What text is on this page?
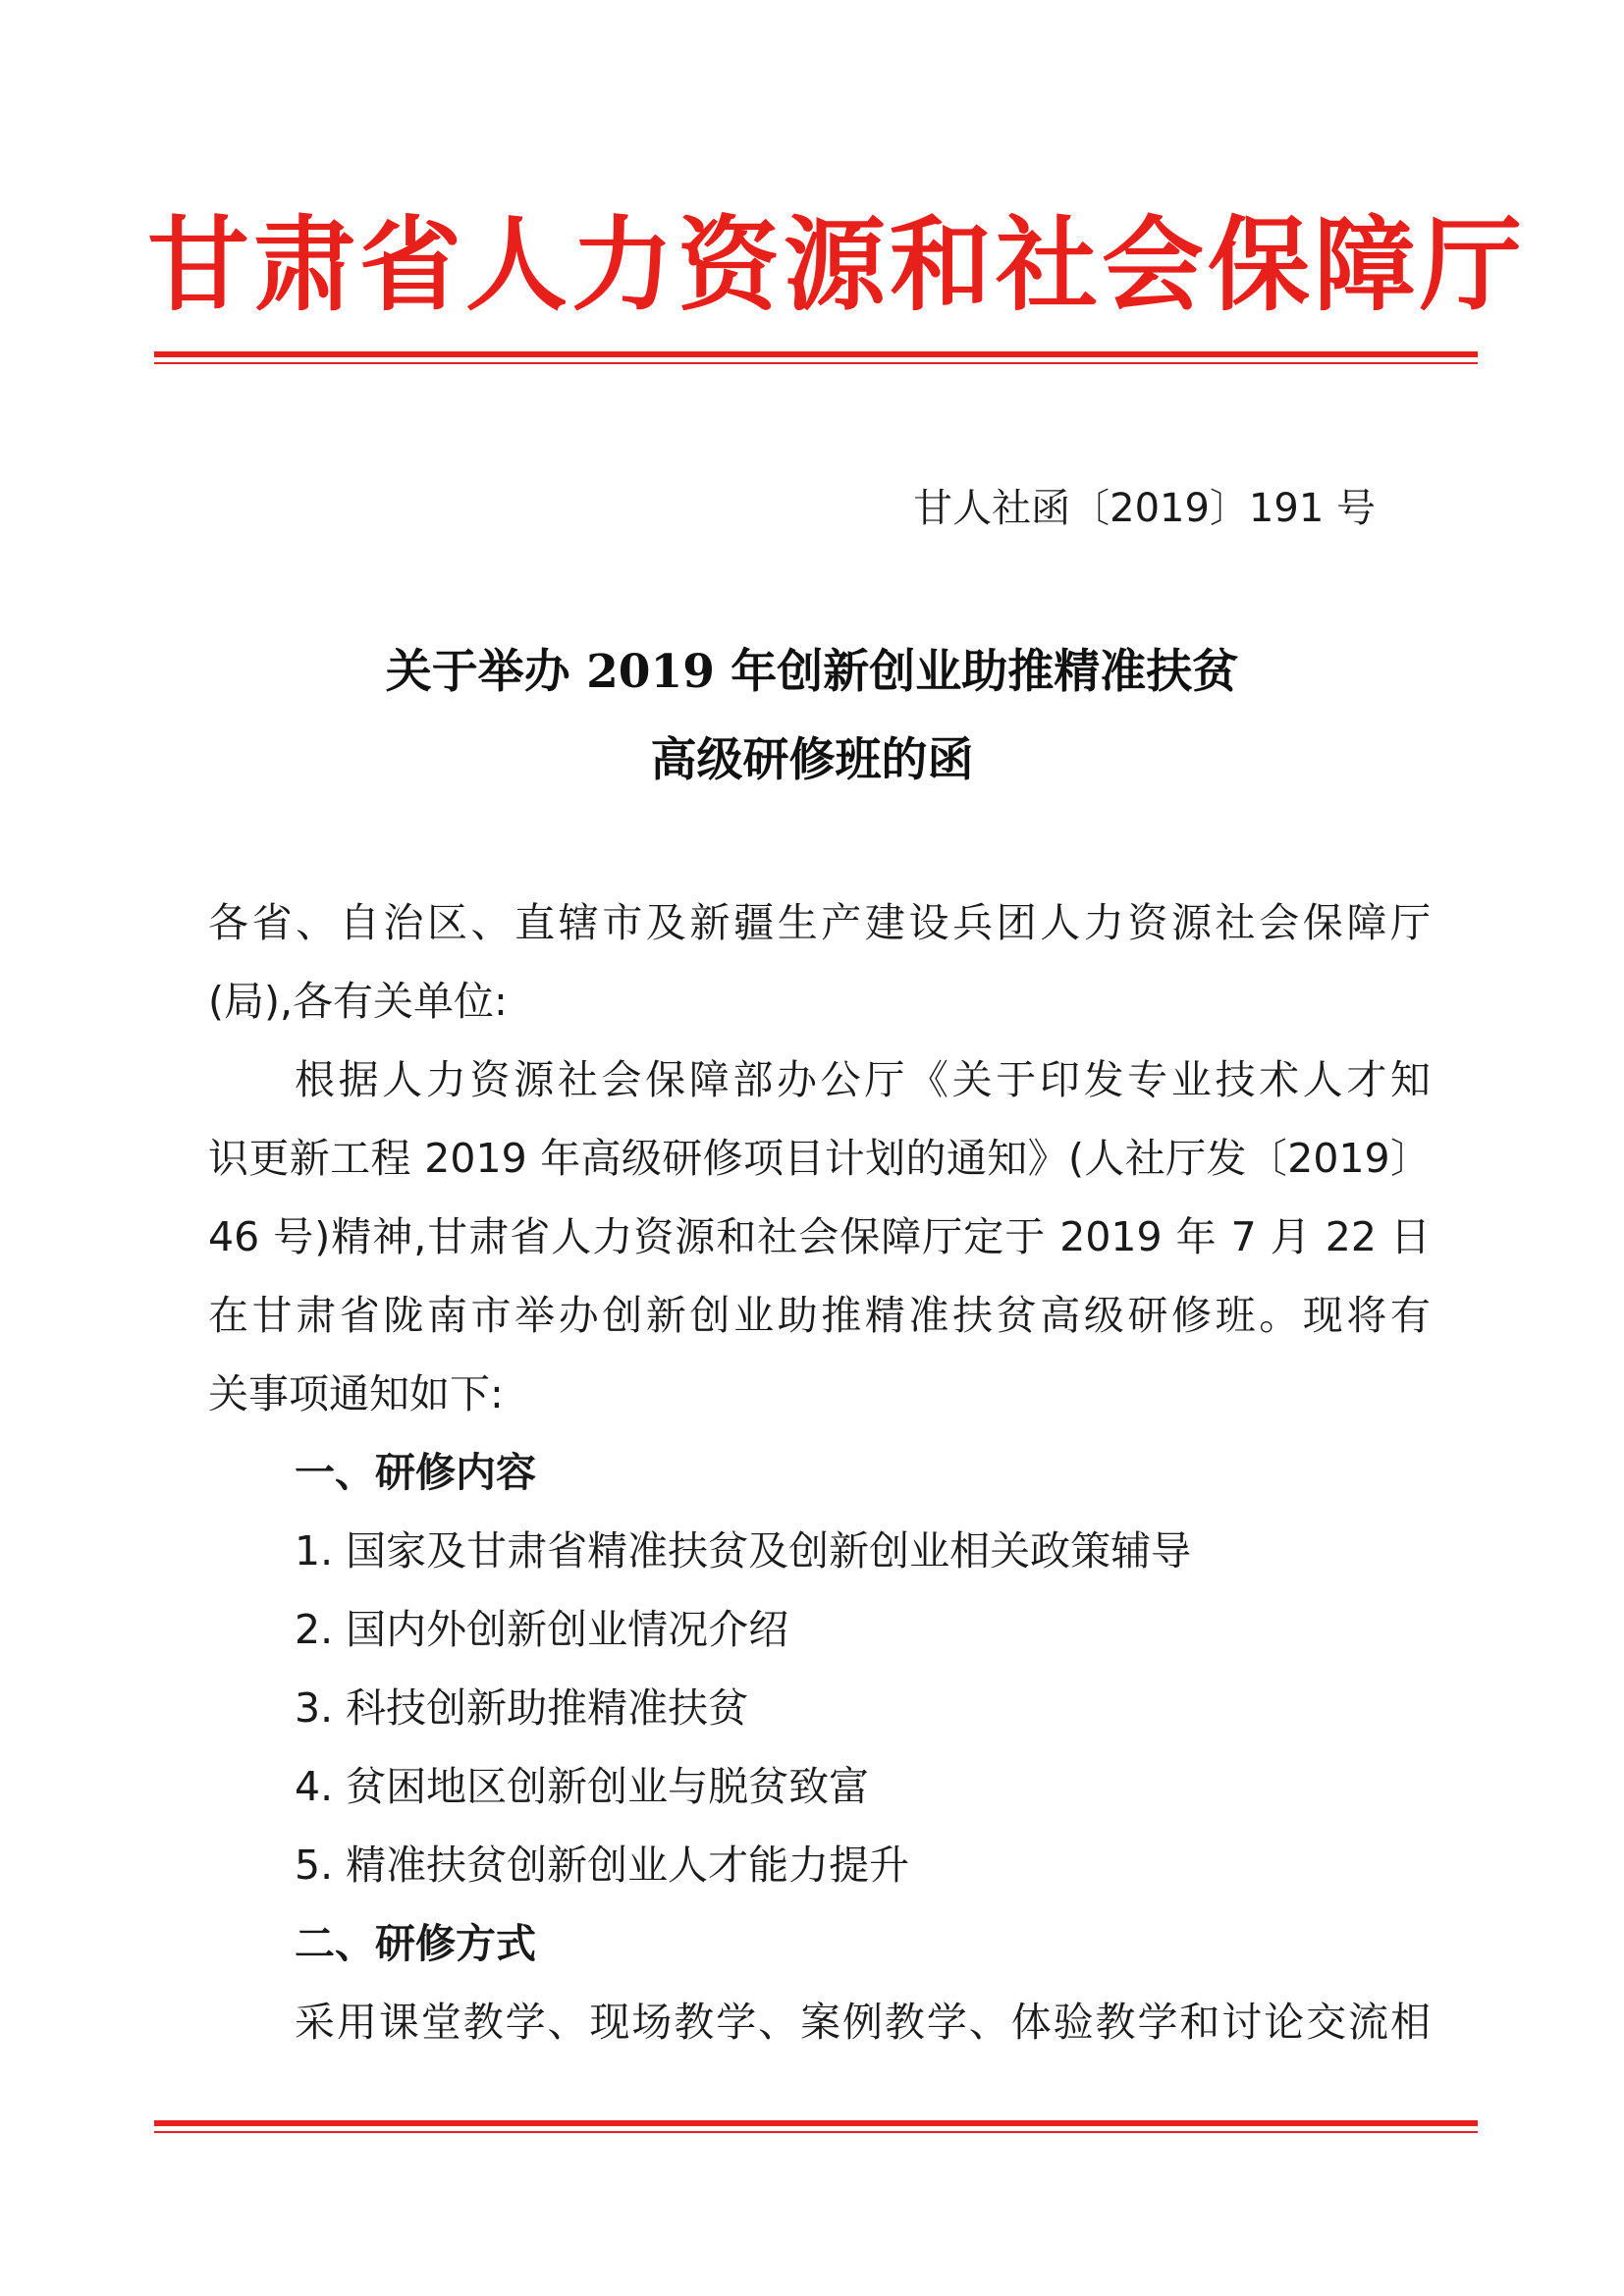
甘肃省人力资源和社会保障厅
甘人社函〔2019〕191 号
关于举办 2019 年创新创业助推精准扶贫
高级研修班的函
各省、自治区、直辖市及新疆生产建设兵团人力资源社会保障厅
(局),各有关单位:
根据人力资源社会保障部办公厅《关于印发专业技术人才知
识更新工程 2019 年高级研修项目计划的通知》(人社厅发〔2019〕
46 号)精神,甘肃省人力资源和社会保障厅定于 2019 年 7 月 22 日
在甘肃省陇南市举办创新创业助推精准扶贫高级研修班。现将有
关事项通知如下:
一、研修内容
1. 国家及甘肃省精准扶贫及创新创业相关政策辅导
2. 国内外创新创业情况介绍
3. 科技创新助推精准扶贫
4. 贫困地区创新创业与脱贫致富
5. 精准扶贫创新创业人才能力提升
二、研修方式
采用课堂教学、现场教学、案例教学、体验教学和讨论交流相
